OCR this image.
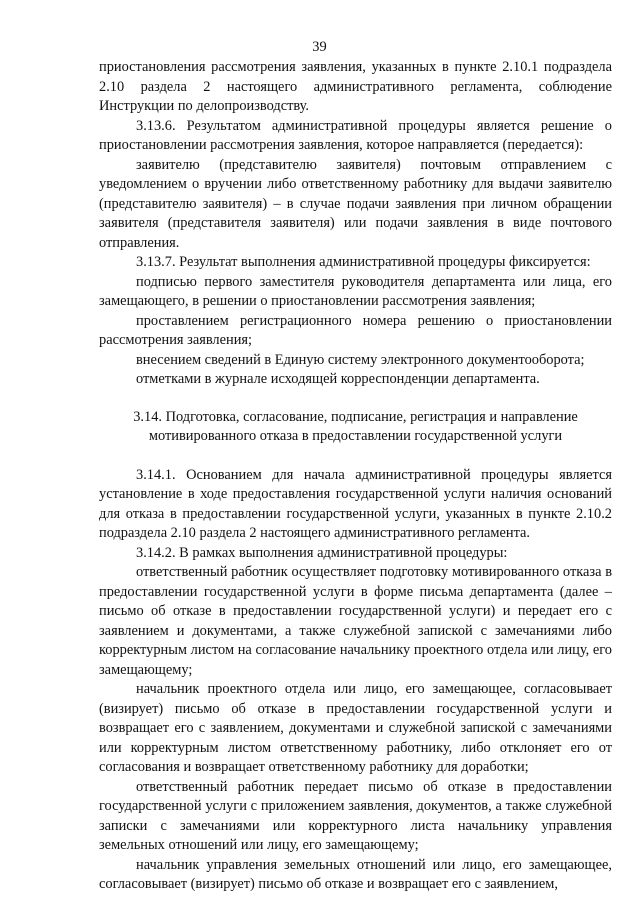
39

приостановления рассмотрения заявления, указанных в пункте 2.10.1 подраздела 2.10 раздела 2 настоящего административного регламента, соблюдение Инструкции по делопроизводству.

3.13.6. Результатом административной процедуры является решение о приостановлении рассмотрения заявления, которое направляется (передается):

заявителю (представителю заявителя) почтовым отправлением с уведомлением о вручении либо ответственному работнику для выдачи заявителю (представителю заявителя) – в случае подачи заявления при личном обращении заявителя (представителя заявителя) или подачи заявления в виде почтового отправления.

3.13.7. Результат выполнения административной процедуры фиксируется:

подписью первого заместителя руководителя департамента или лица, его замещающего, в решении о приостановлении рассмотрения заявления;

проставлением регистрационного номера решению о приостановлении рассмотрения заявления;

внесением сведений в Единую систему электронного документооборота;

отметками в журнале исходящей корреспонденции департамента.

3.14. Подготовка, согласование, подписание, регистрация и направление
мотивированного отказа в предоставлении государственной услуги

3.14.1. Основанием для начала административной процедуры является установление в ходе предоставления государственной услуги наличия оснований для отказа в предоставлении государственной услуги, указанных в пункте 2.10.2 подраздела 2.10 раздела 2 настоящего административного регламента.

3.14.2. В рамках выполнения административной процедуры:

ответственный работник осуществляет подготовку мотивированного отказа в предоставлении государственной услуги в форме письма департамента (далее – письмо об отказе в предоставлении государственной услуги) и передает его с заявлением и документами, а также служебной запиской с замечаниями либо корректурным листом на согласование начальнику проектного отдела или лицу, его замещающему;

начальник проектного отдела или лицо, его замещающее, согласовывает (визирует) письмо об отказе в предоставлении государственной услуги и возвращает его с заявлением, документами и служебной запиской с замечаниями или корректурным листом ответственному работнику, либо отклоняет его от согласования и возвращает ответственному работнику для доработки;

ответственный работник передает письмо об отказе в предоставлении государственной услуги с приложением заявления, документов, а также служебной записки с замечаниями или корректурного листа начальнику управления земельных отношений или лицу, его замещающему;

начальник управления земельных отношений или лицо, его замещающее, согласовывает (визирует) письмо об отказе и возвращает его с заявлением,
